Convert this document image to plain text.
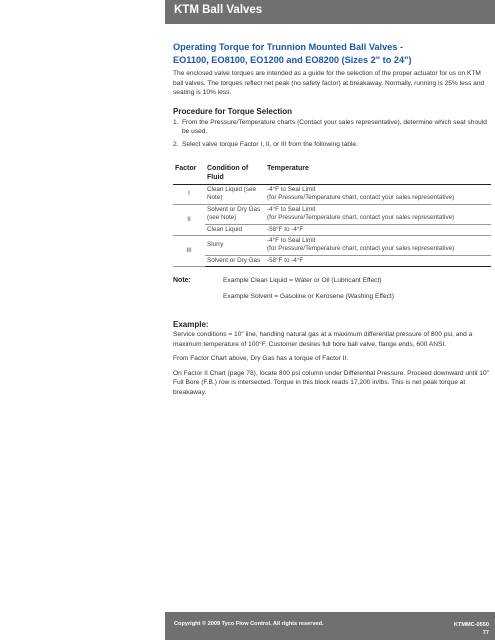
KTM Ball Valves

Operating Torque for Trunnion Mounted Ball Valves -

EO1100, EO8100, EO1200 and EO8200 (Sizes 2" to 24")

The enclosed valve torques are intended as a guide for the selection of the proper actuator for us on KTM ball valves. The torques reflect net peak (no safety factor) at breakaway. Normally, running is 25% less and seating is 10% less.

Procedure for Torque Selection
1. From the Pressure/Temperature charts (Contact your sales representative), determine which seat should be used.
2. Select valve torque Factor I, II, or III from the following table.
Factor	Condition of Fluid	Temperature
I	Clean Liquid (see Note)	-4°F to Seal Limit
(for Pressure/Temperature chart, contact your sales representative)

II	Solvent or Dry Gas (see Note)	-4°F to Seal Limit
(for Pressure/Temperature chart, contact your sales representative)

	Clean Liquid	-58°F to -4°F
III	Slurry	-4°F to Seal Limit
(for Pressure/Temperature chart, contact your sales representative)

	Solvent or Dry Gas	-58°F to -4°F
Note:	Example Clean Liquid = Water or Oil (Lubricant Effect)
Example Solvent = Gasoline or Kerosene (Washing Effect)
Example:

Service conditions = 10" line, handling natural gas at a maximum differential pressure of 800 psi, and a maximum temperature of 100°F. Customer desires full bore ball valve, flange ends, 600 ANSI.

From Factor Chart above, Dry Gas has a torque of Factor II.

On Factor II Chart (page 78), locate 800 psi column under Differential Pressure. Proceed downward until 10" Full Bore (F.B.) row is intersected. Torque in this block reads 17,200 in/lbs. This is net peak torque at breakaway.

Copyright © 2009 Tyco Flow Control. All rights reserved.	KTMMC-0550
77
